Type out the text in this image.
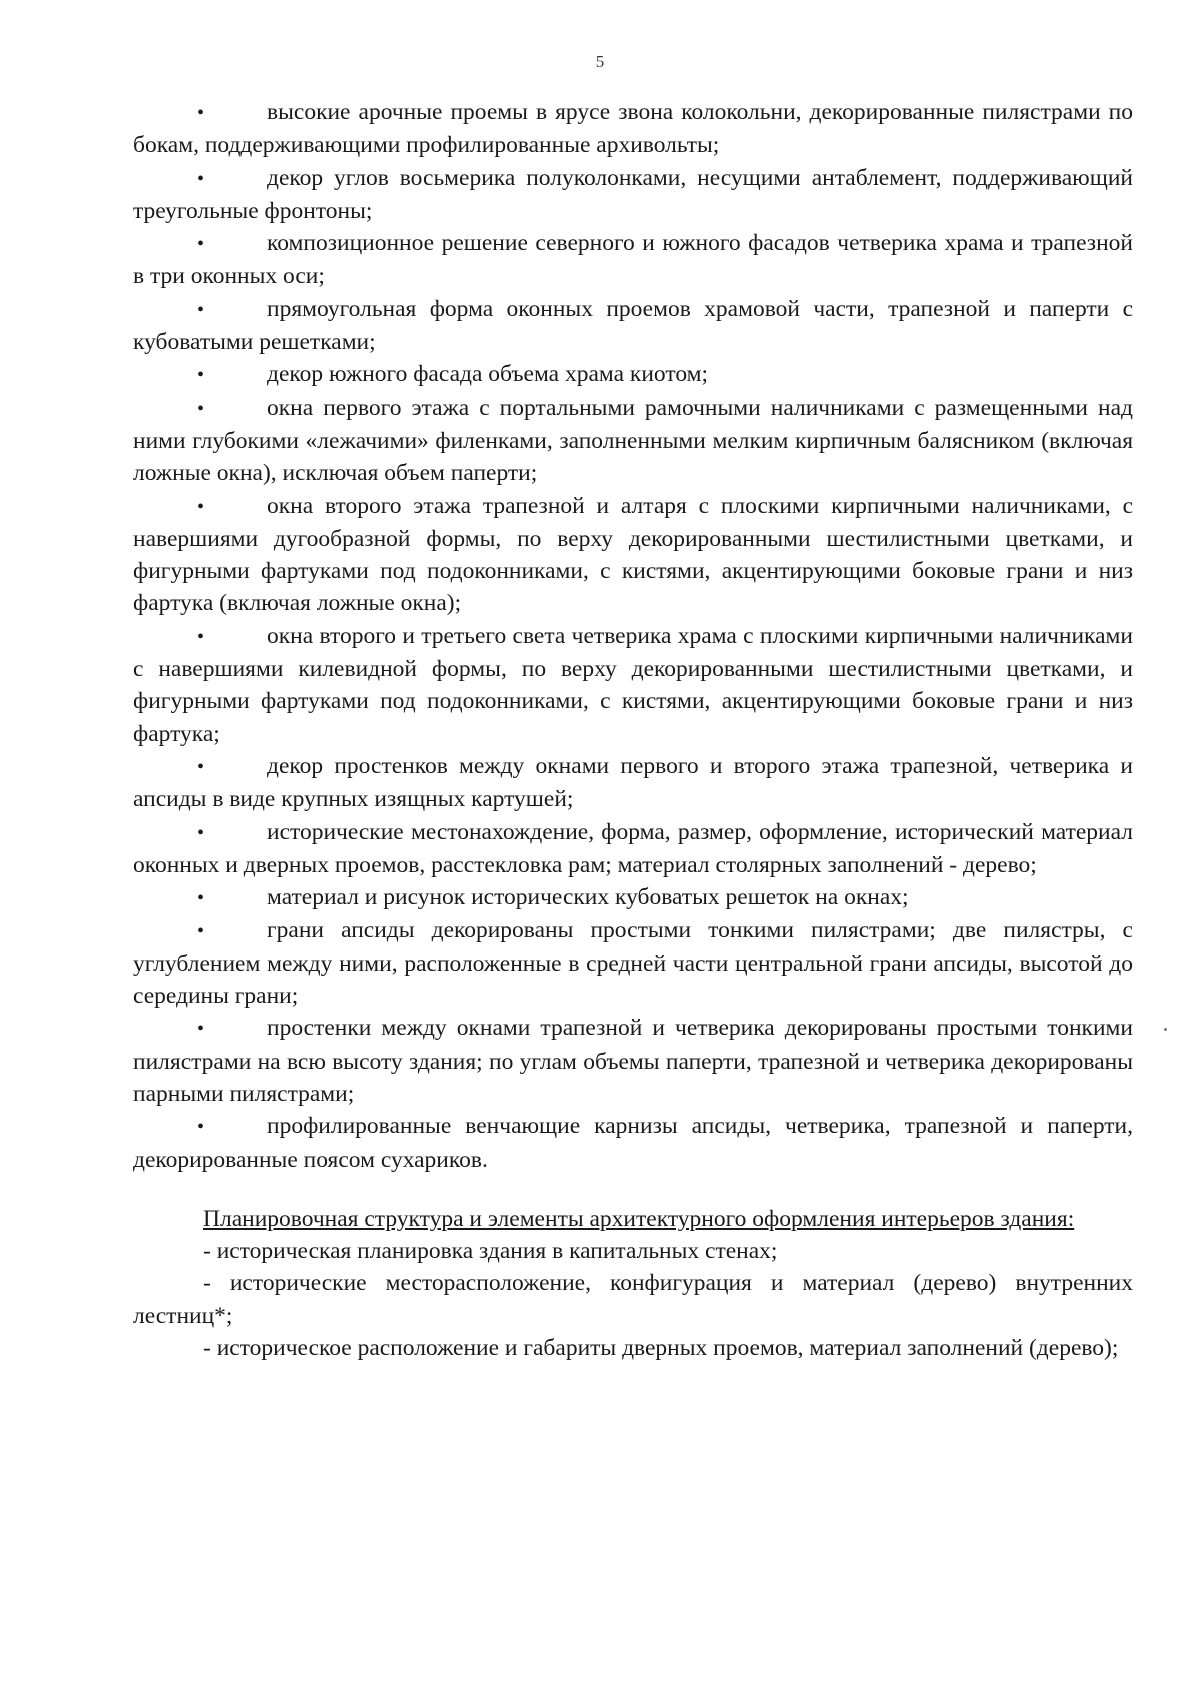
5

•	высокие арочные проемы в ярусе звона колокольни, декорированные пилястрами по бокам, поддерживающими профилированные архивольты;

•	декор углов восьмерика полуколонками, несущими антаблемент, поддерживающий треугольные фронтоны;

•	композиционное решение северного и южного фасадов четверика храма и трапезной в три оконных оси;

•	прямоугольная форма оконных проемов храмовой части, трапезной и паперти с кубоватыми решетками;

•	декор южного фасада объема храма киотом;

•	окна первого этажа с портальными рамочными наличниками с размещенными над ними глубокими «лежачими» филенками, заполненными мелким кирпичным балясником (включая ложные окна), исключая объем паперти;

•	окна второго этажа трапезной и алтаря с плоскими кирпичными наличниками, с навершиями дугообразной формы, по верху декорированными шестилистными цветками, и фигурными фартуками под подоконниками, с кистями, акцентирующими боковые грани и низ фартука (включая ложные окна);

•	окна второго и третьего света четверика храма с плоскими кирпичными наличниками с навершиями килевидной формы, по верху декорированными шестилистными цветками, и фигурными фартуками под подоконниками, с кистями, акцентирующими боковые грани и низ фартука;

•	декор простенков между окнами первого и второго этажа трапезной, четверика и апсиды в виде крупных изящных картушей;

•	исторические местонахождение, форма, размер, оформление, исторический материал оконных и дверных проемов, расстекловка рам; материал столярных заполнений - дерево;

•	материал и рисунок исторических кубоватых решеток на окнах;

•	грани апсиды декорированы простыми тонкими пилястрами; две пилястры, с углублением между ними, расположенные в средней части центральной грани апсиды, высотой до середины грани;

•	простенки между окнами трапезной и четверика декорированы простыми тонкими пилястрами на всю высоту здания; по углам объемы паперти, трапезной и четверика декорированы парными пилястрами;

•	профилированные венчающие карнизы апсиды, четверика, трапезной и паперти, декорированные поясом сухариков.

Планировочная структура и элементы архитектурного оформления интерьеров здания:

- историческая планировка здания в капитальных стенах;

- исторические месторасположение, конфигурация и материал (дерево) внутренних лестниц*;

- историческое расположение и габариты дверных проемов, материал заполнений (дерево);
